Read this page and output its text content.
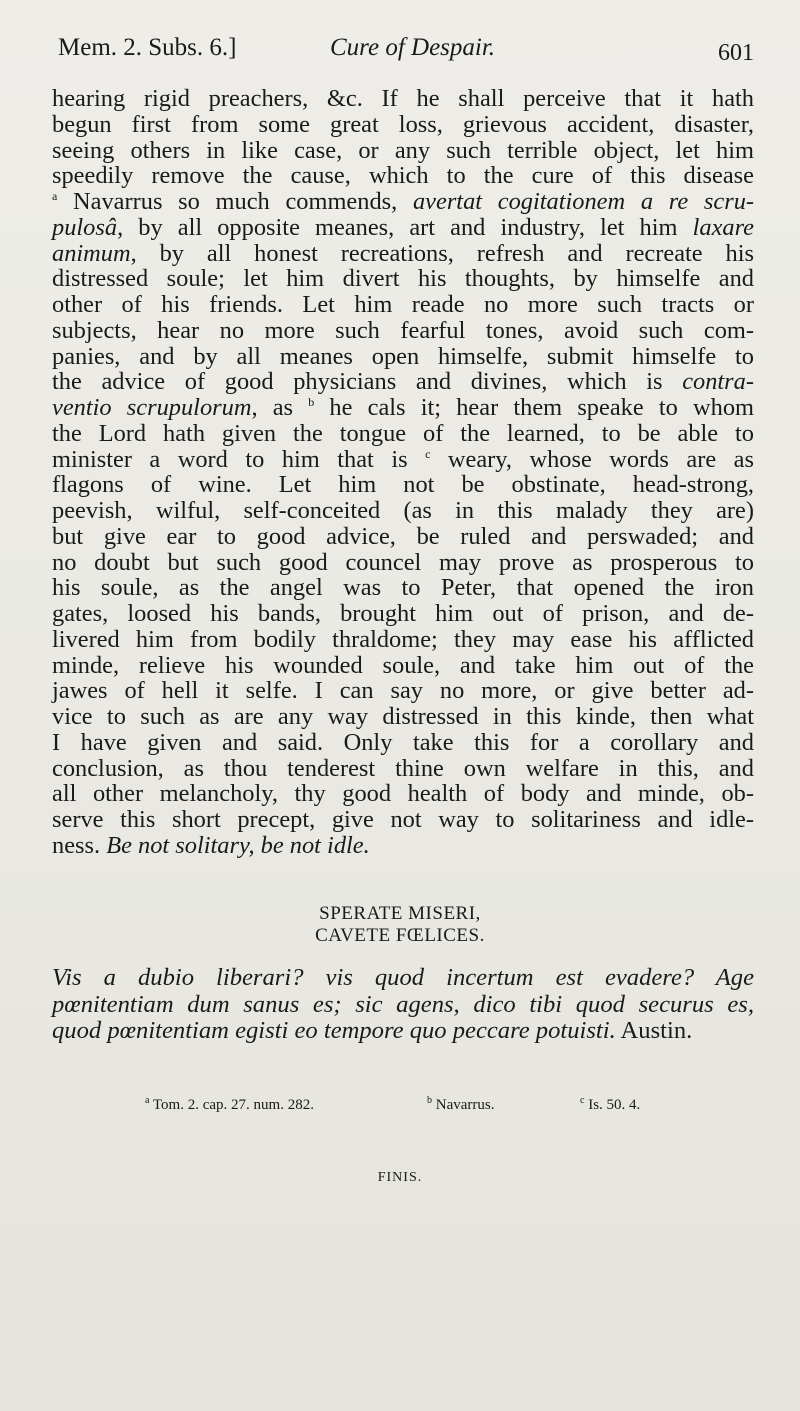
Mem. 2. Subs. 6.]	Cure of Despair.	601
hearing rigid preachers, &c. If he shall perceive that it hath
begun first from some great loss, grievous accident, disaster,
seeing others in like case, or any such terrible object, let him
speedily remove the cause, which to the cure of this disease
$^a$ Navarrus so much commends, avertat cogitationem a re scru-
pulosâ, by all opposite meanes, art and industry, let him laxare
animum, by all honest recreations, refresh and recreate his
distressed soule; let him divert his thoughts, by himselfe and
other of his friends. Let him reade no more such tracts or
subjects, hear no more such fearful tones, avoid such com-
panies, and by all meanes open himselfe, submit himselfe to
the advice of good physicians and divines, which is contra-
ventio scrupulorum, as $^b$ he cals it; hear them speake to whom
the Lord hath given the tongue of the learned, to be able to
minister a word to him that is $^c$ weary, whose words are as
flagons of wine. Let him not be obstinate, head-strong,
peevish, wilful, self-conceited (as in this malady they are)
but give ear to good advice, be ruled and perswaded; and
no doubt but such good councel may prove as prosperous to
his soule, as the angel was to Peter, that opened the iron
gates, loosed his bands, brought him out of prison, and de-
livered him from bodily thraldome; they may ease his afflicted
minde, relieve his wounded soule, and take him out of the
jawes of hell it selfe. I can say no more, or give better ad-
vice to such as are any way distressed in this kinde, then what
I have given and said. Only take this for a corollary and
conclusion, as thou tenderest thine own welfare in this, and
all other melancholy, thy good health of body and minde, ob-
serve this short precept, give not way to solitariness and idle-
ness. Be not solitary, be not idle.
SPERATE MISERI,
CAVETE FŒLICES.
Vis a dubio liberari? vis quod incertum est evadere? Age
pœnitentiam dum sanus es; sic agens, dico tibi quod securus es,
quod pœnitentiam egisti eo tempore quo peccare potuisti. Austin.
$^a$ Tom. 2. cap. 27. num. 282.	$^b$ Navarrus.	$^c$ Is. 50. 4.
FINIS.
